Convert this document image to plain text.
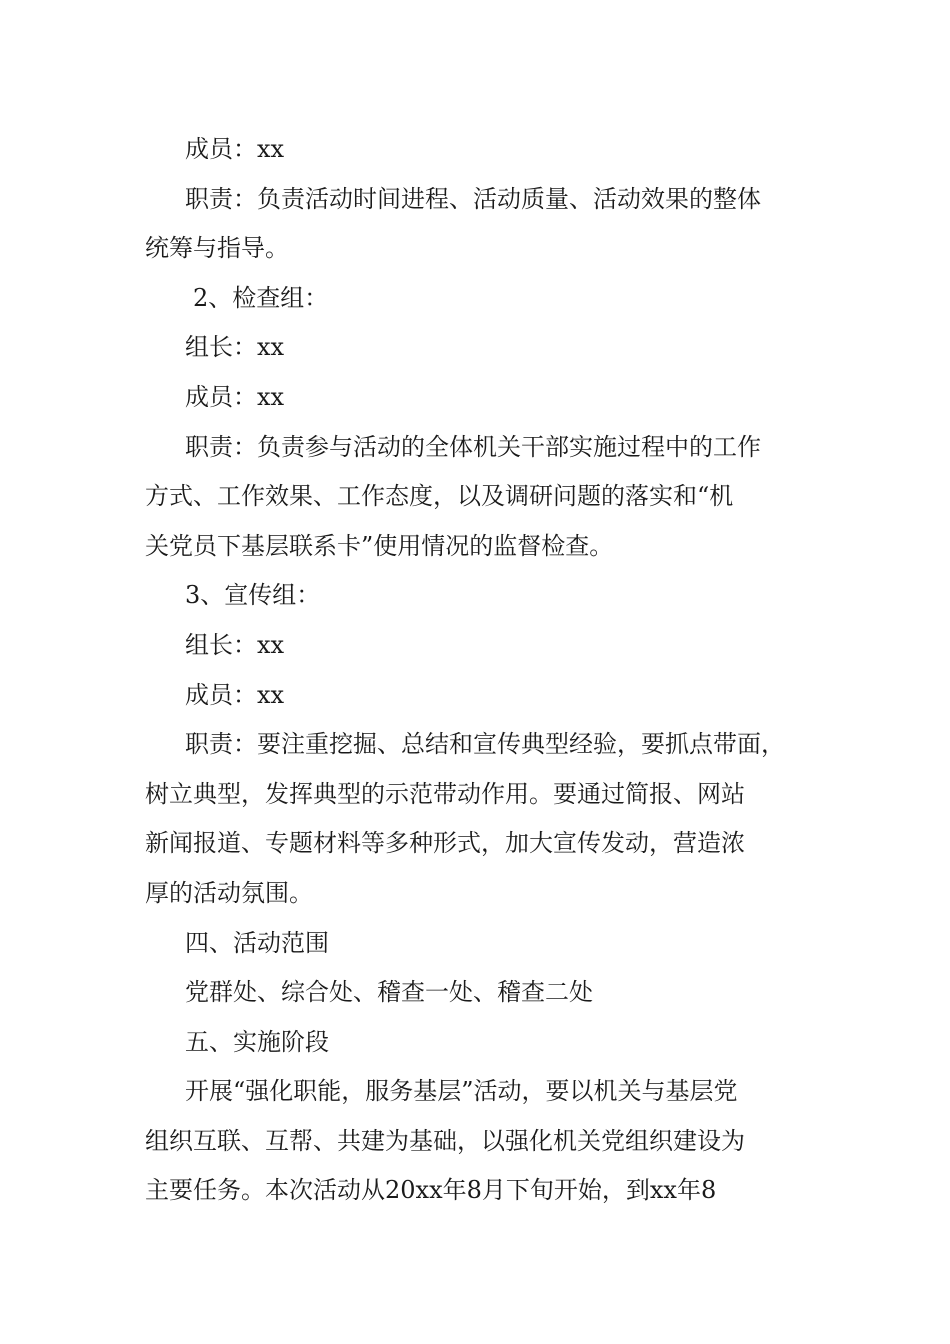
成员：xx
职责：负责活动时间进程、活动质量、活动效果的整体
统筹与指导。
2、检查组：
组长：xx
成员：xx
职责：负责参与活动的全体机关干部实施过程中的工作
方式、工作效果、工作态度，以及调研问题的落实和“机
关党员下基层联系卡”使用情况的监督检查。
3、宣传组：
组长：xx
成员：xx
职责：要注重挖掘、总结和宣传典型经验，要抓点带面，
树立典型，发挥典型的示范带动作用。要通过简报、网站
新闻报道、专题材料等多种形式，加大宣传发动，营造浓
厚的活动氛围。
四、活动范围
党群处、综合处、稽查一处、稽查二处
五、实施阶段
开展“强化职能，服务基层”活动，要以机关与基层党
组织互联、互帮、共建为基础，以强化机关党组织建设为
主要任务。本次活动从20xx年8月下旬开始，到xx年8
